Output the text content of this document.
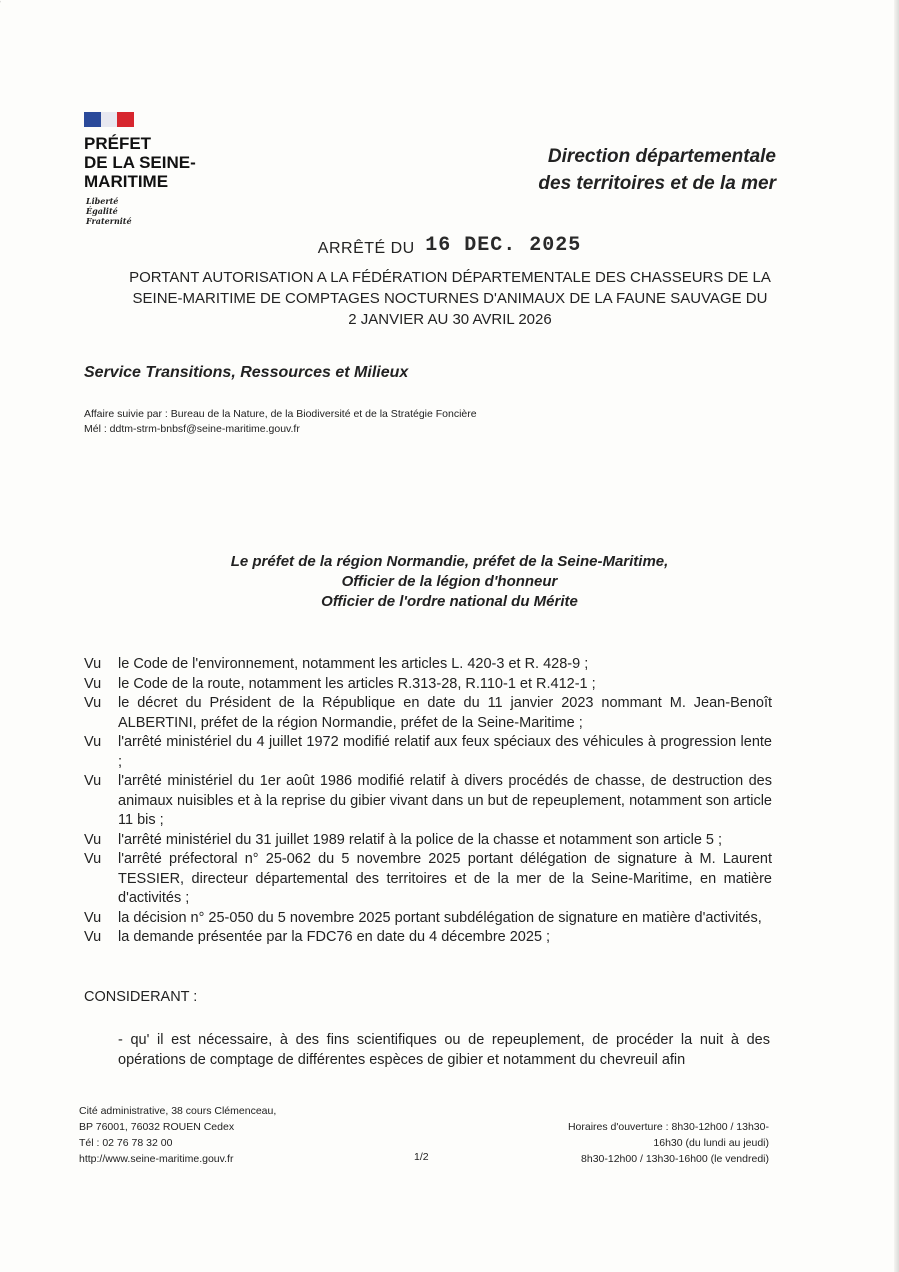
PRÉFET
DE LA SEINE-
MARITIME
Liberté
Égalité
Fraternité
Direction départementale
des territoires et de la mer
ARRÊTÉ DU 16 DEC. 2025
PORTANT AUTORISATION A LA FÉDÉRATION DÉPARTEMENTALE DES CHASSEURS DE LA
SEINE-MARITIME DE COMPTAGES NOCTURNES D'ANIMAUX DE LA FAUNE SAUVAGE DU
2 JANVIER AU 30 AVRIL 2026
Service Transitions, Ressources et Milieux
Affaire suivie par : Bureau de la Nature, de la Biodiversité et de la Stratégie Foncière
Mél : ddtm-strm-bnbsf@seine-maritime.gouv.fr
Le préfet de la région Normandie, préfet de la Seine-Maritime,
Officier de la légion d'honneur
Officier de l'ordre national du Mérite
Vu	le Code de l'environnement, notamment les articles L. 420-3 et R. 428-9 ;
Vu	le Code de la route, notamment les articles R.313-28, R.110-1 et R.412-1 ;
Vu	le décret du Président de la République en date du 11 janvier 2023 nommant M. Jean-Benoît ALBERTINI, préfet de la région Normandie, préfet de la Seine-Maritime ;
Vu	l'arrêté ministériel du 4 juillet 1972 modifié relatif aux feux spéciaux des véhicules à progression lente ;
Vu	l'arrêté ministériel du 1er août 1986 modifié relatif à divers procédés de chasse, de destruction des animaux nuisibles et à la reprise du gibier vivant dans un but de repeuplement, notamment son article 11 bis ;
Vu	l'arrêté ministériel du 31 juillet 1989 relatif à la police de la chasse et notamment son article 5 ;
Vu	l'arrêté préfectoral n° 25-062 du 5 novembre 2025 portant délégation de signature à M. Laurent TESSIER, directeur départemental des territoires et de la mer de la Seine-Maritime, en matière d'activités ;
Vu	la décision n° 25-050 du 5 novembre 2025 portant subdélégation de signature en matière d'activités,
Vu	la demande présentée par la FDC76 en date du 4 décembre 2025 ;
CONSIDERANT :
- qu' il est nécessaire, à des fins scientifiques ou de repeuplement, de procéder la nuit à des opérations de comptage de différentes espèces de gibier et notamment du chevreuil afin
Cité administrative, 38 cours Clémenceau,
BP 76001, 76032 ROUEN Cedex
Tél : 02 76 78 32 00
http://www.seine-maritime.gouv.fr	1/2
Horaires d'ouverture : 8h30-12h00 / 13h30-
16h30 (du lundi au jeudi)
8h30-12h00 / 13h30-16h00 (le vendredi)
